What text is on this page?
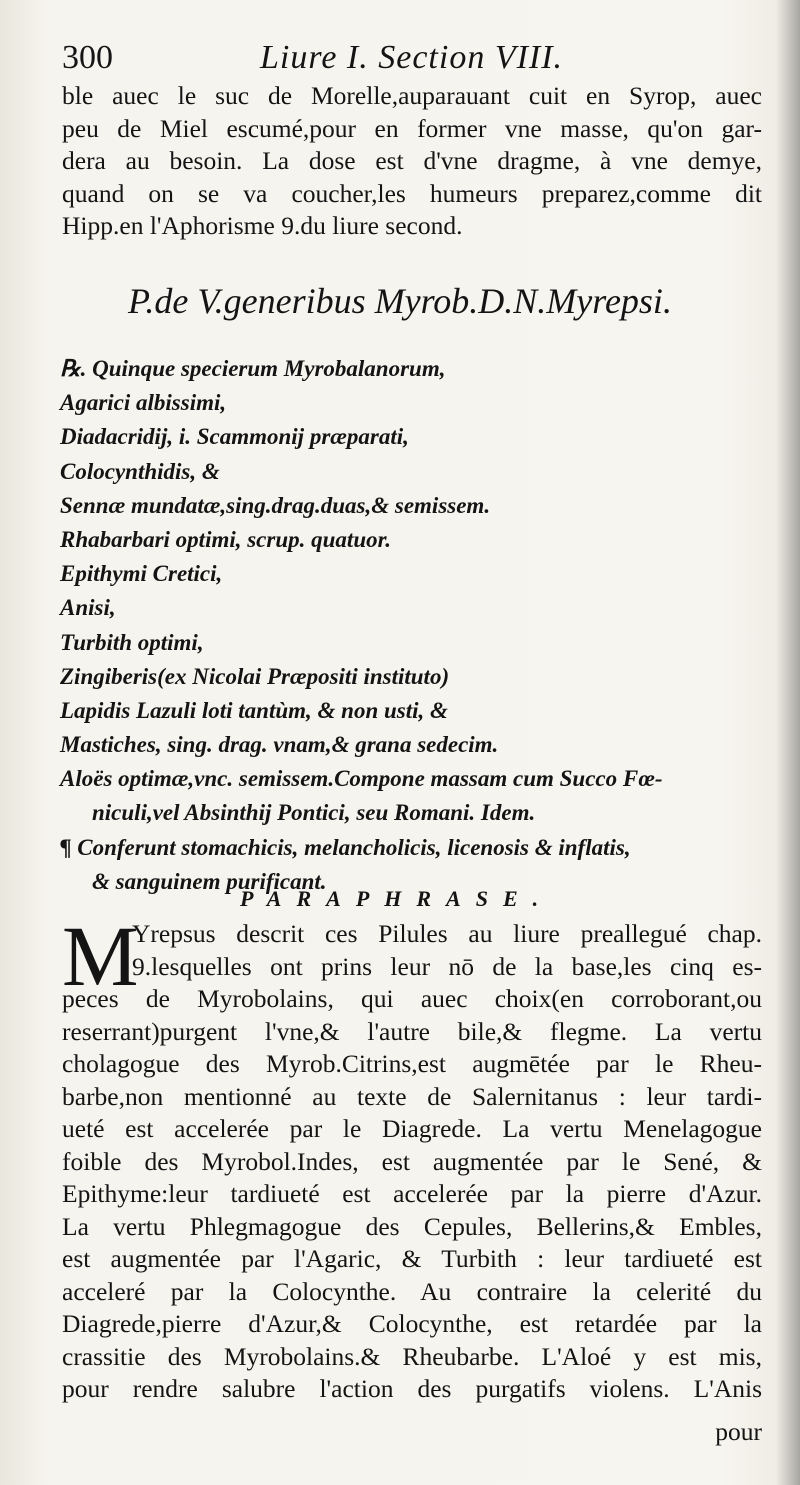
300	Liure I. Section VIII.
ble auec le suc de Morelle,auparauant cuit en Syrop, auec
peu de Miel escumé,pour en former vne masse, qu'on gar-
dera au besoin. La dose est d'vne dragme, à vne demye,
quand on se va coucher,les humeurs preparez,comme dit
Hipp.en l'Aphorisme 9.du liure second.
P.de V.generibus Myrob.D.N.Myrepsi.
℞. Quinque specierum Myrobalanorum,
Agarici albissimi,
Diadacridij, i. Scammonij præparati,
Colocynthidis, &
Sennæ mundatæ,sing.drag.duas,& semissem.
Rhabarbari optimi, scrup. quatuor.
Epithymi Cretici,
Anisi,
Turbith optimi,
Zingiberis(ex Nicolai Præpositi instituto)
Lapidis Lazuli loti tantùm, & non usti, &
Mastiches, sing. drag. vnam,& grana sedecim.
Aloës optimæ,vnc. semissem.Compone massam cum Succo Fœ-
niculi,vel Absinthij Pontici, seu Romani. Idem.
¶ Conferunt stomachicis, melancholicis, licenosis & inflatis,
& sanguinem purificant.
PARAPHRASE.
M
Yrepsus descrit ces Pilules au liure preallegué chap.
9.lesquelles ont prins leur nō de la base,les cinq es-
peces de Myrobolains, qui auec choix(en corroborant,ou
reserrant)purgent l'vne,& l'autre bile,& flegme. La vertu
cholagogue des Myrob.Citrins,est augmētée par le Rheu-
barbe,non mentionné au texte de Salernitanus : leur tardi-
ueté est accelerée par le Diagrede. La vertu Menelagogue
foible des Myrobol.Indes, est augmentée par le Sené, &
Epithyme:leur tardiueté est accelerée par la pierre d'Azur.
La vertu Phlegmagogue des Cepules, Bellerins,& Embles,
est augmentée par l'Agaric, & Turbith : leur tardiueté est
acceleré par la Colocynthe. Au contraire la celerité du
Diagrede,pierre d'Azur,& Colocynthe, est retardée par la
crassitie des Myrobolains.& Rheubarbe. L'Aloé y est mis,
pour rendre salubre l'action des purgatifs violens. L'Anis
pour
